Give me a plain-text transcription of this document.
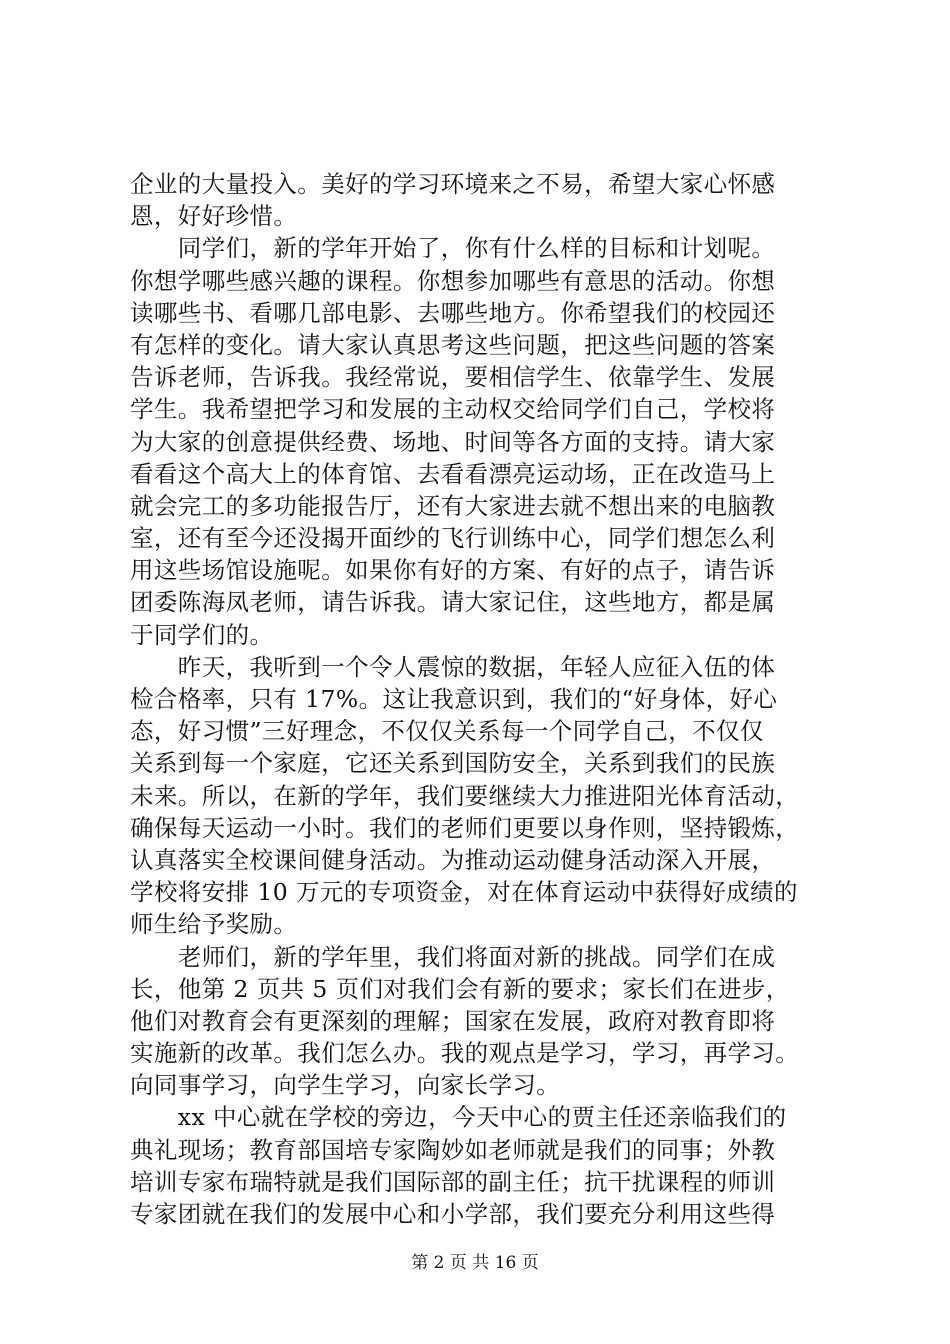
企业的大量投入。美好的学习环境来之不易，希望大家心怀感
恩，好好珍惜。
　　同学们，新的学年开始了，你有什么样的目标和计划呢。
你想学哪些感兴趣的课程。你想参加哪些有意思的活动。你想
读哪些书、看哪几部电影、去哪些地方。你希望我们的校园还
有怎样的变化。请大家认真思考这些问题，把这些问题的答案
告诉老师，告诉我。我经常说，要相信学生、依靠学生、发展
学生。我希望把学习和发展的主动权交给同学们自己，学校将
为大家的创意提供经费、场地、时间等各方面的支持。请大家
看看这个高大上的体育馆、去看看漂亮运动场，正在改造马上
就会完工的多功能报告厅，还有大家进去就不想出来的电脑教
室，还有至今还没揭开面纱的飞行训练中心，同学们想怎么利
用这些场馆设施呢。如果你有好的方案、有好的点子，请告诉
团委陈海凤老师，请告诉我。请大家记住，这些地方，都是属
于同学们的。
　　昨天，我听到一个令人震惊的数据，年轻人应征入伍的体
检合格率，只有 17%。这让我意识到，我们的“好身体，好心
态，好习惯”三好理念，不仅仅关系每一个同学自己，不仅仅
关系到每一个家庭，它还关系到国防安全，关系到我们的民族
未来。所以，在新的学年，我们要继续大力推进阳光体育活动，
确保每天运动一小时。我们的老师们更要以身作则，坚持锻炼，
认真落实全校课间健身活动。为推动运动健身活动深入开展，
学校将安排 10 万元的专项资金，对在体育运动中获得好成绩的
师生给予奖励。
　　老师们，新的学年里，我们将面对新的挑战。同学们在成
长，他第 2 页共 5 页们对我们会有新的要求；家长们在进步，
他们对教育会有更深刻的理解；国家在发展，政府对教育即将
实施新的改革。我们怎么办。我的观点是学习，学习，再学习。
向同事学习，向学生学习，向家长学习。
　　xx 中心就在学校的旁边，今天中心的贾主任还亲临我们的
典礼现场；教育部国培专家陶妙如老师就是我们的同事；外教
培训专家布瑞特就是我们国际部的副主任；抗干扰课程的师训
专家团就在我们的发展中心和小学部，我们要充分利用这些得
第 2 页 共 16 页
